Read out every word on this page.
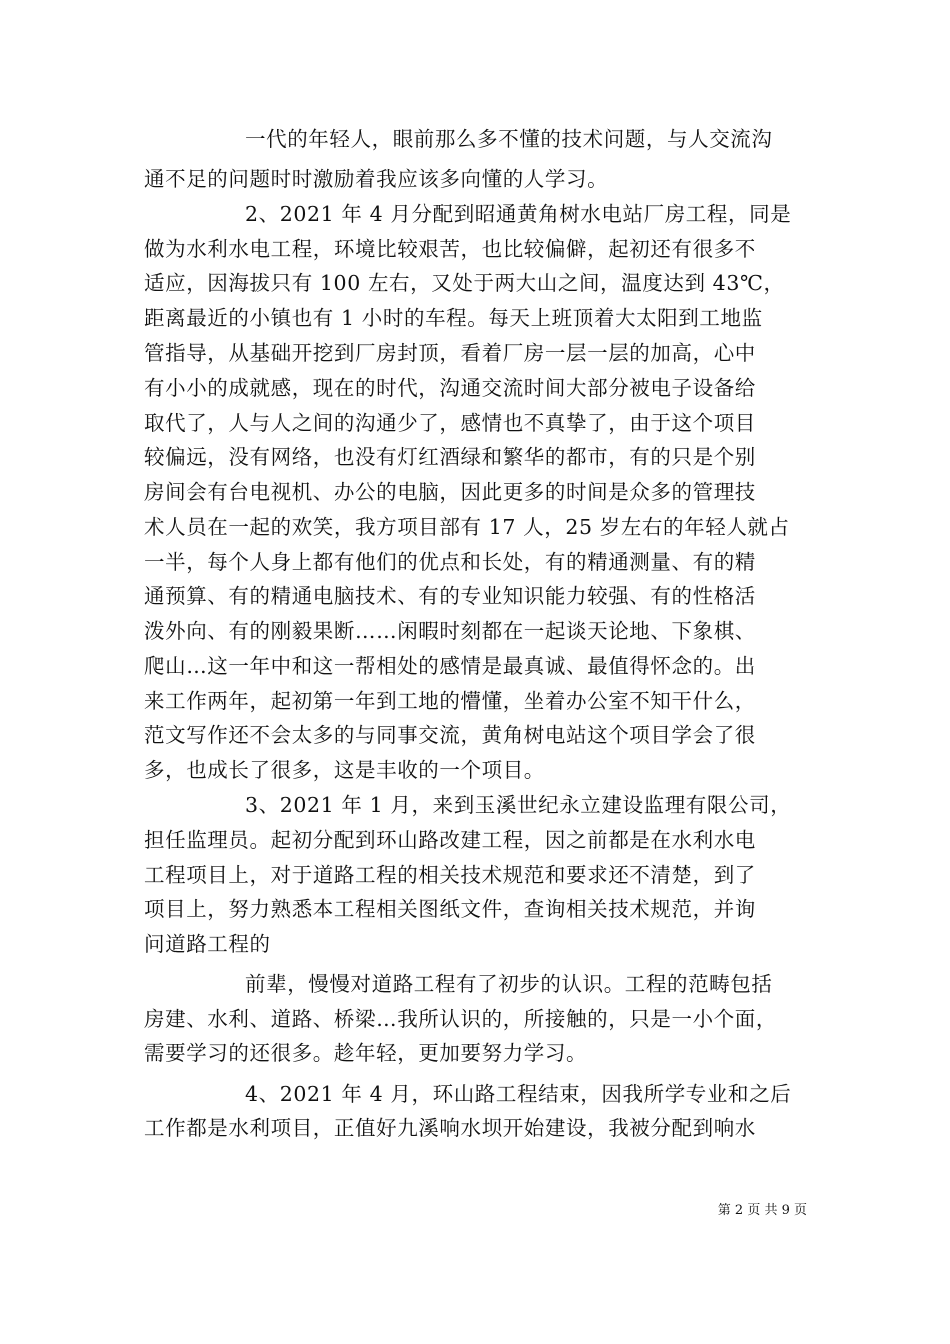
一代的年轻人，眼前那么多不懂的技术问题，与人交流沟
通不足的问题时时激励着我应该多向懂的人学习。
2、2021 年 4 月分配到昭通黄角树水电站厂房工程，同是
做为水利水电工程，环境比较艰苦，也比较偏僻，起初还有很多不
适应，因海拔只有 100 左右，又处于两大山之间，温度达到 43℃，
距离最近的小镇也有 1 小时的车程。每天上班顶着大太阳到工地监
管指导，从基础开挖到厂房封顶，看着厂房一层一层的加高，心中
有小小的成就感，现在的时代，沟通交流时间大部分被电子设备给
取代了，人与人之间的沟通少了，感情也不真挚了，由于这个项目
较偏远，没有网络，也没有灯红酒绿和繁华的都市，有的只是个别
房间会有台电视机、办公的电脑，因此更多的时间是众多的管理技
术人员在一起的欢笑，我方项目部有 17 人，25 岁左右的年轻人就占
一半，每个人身上都有他们的优点和长处，有的精通测量、有的精
通预算、有的精通电脑技术、有的专业知识能力较强、有的性格活
泼外向、有的刚毅果断……闲暇时刻都在一起谈天论地、下象棋、
爬山…这一年中和这一帮相处的感情是最真诚、最值得怀念的。出
来工作两年，起初第一年到工地的懵懂，坐着办公室不知干什么，
范文写作还不会太多的与同事交流，黄角树电站这个项目学会了很
多，也成长了很多，这是丰收的一个项目。
3、2021 年 1 月，来到玉溪世纪永立建设监理有限公司，
担任监理员。起初分配到环山路改建工程，因之前都是在水利水电
工程项目上，对于道路工程的相关技术规范和要求还不清楚，到了
项目上，努力熟悉本工程相关图纸文件，查询相关技术规范，并询
问道路工程的
前辈，慢慢对道路工程有了初步的认识。工程的范畴包括
房建、水利、道路、桥梁…我所认识的，所接触的，只是一小个面，
需要学习的还很多。趁年轻，更加要努力学习。
4、2021 年 4 月，环山路工程结束，因我所学专业和之后
工作都是水利项目，正值好九溪响水坝开始建设，我被分配到响水
第 2 页 共 9 页
